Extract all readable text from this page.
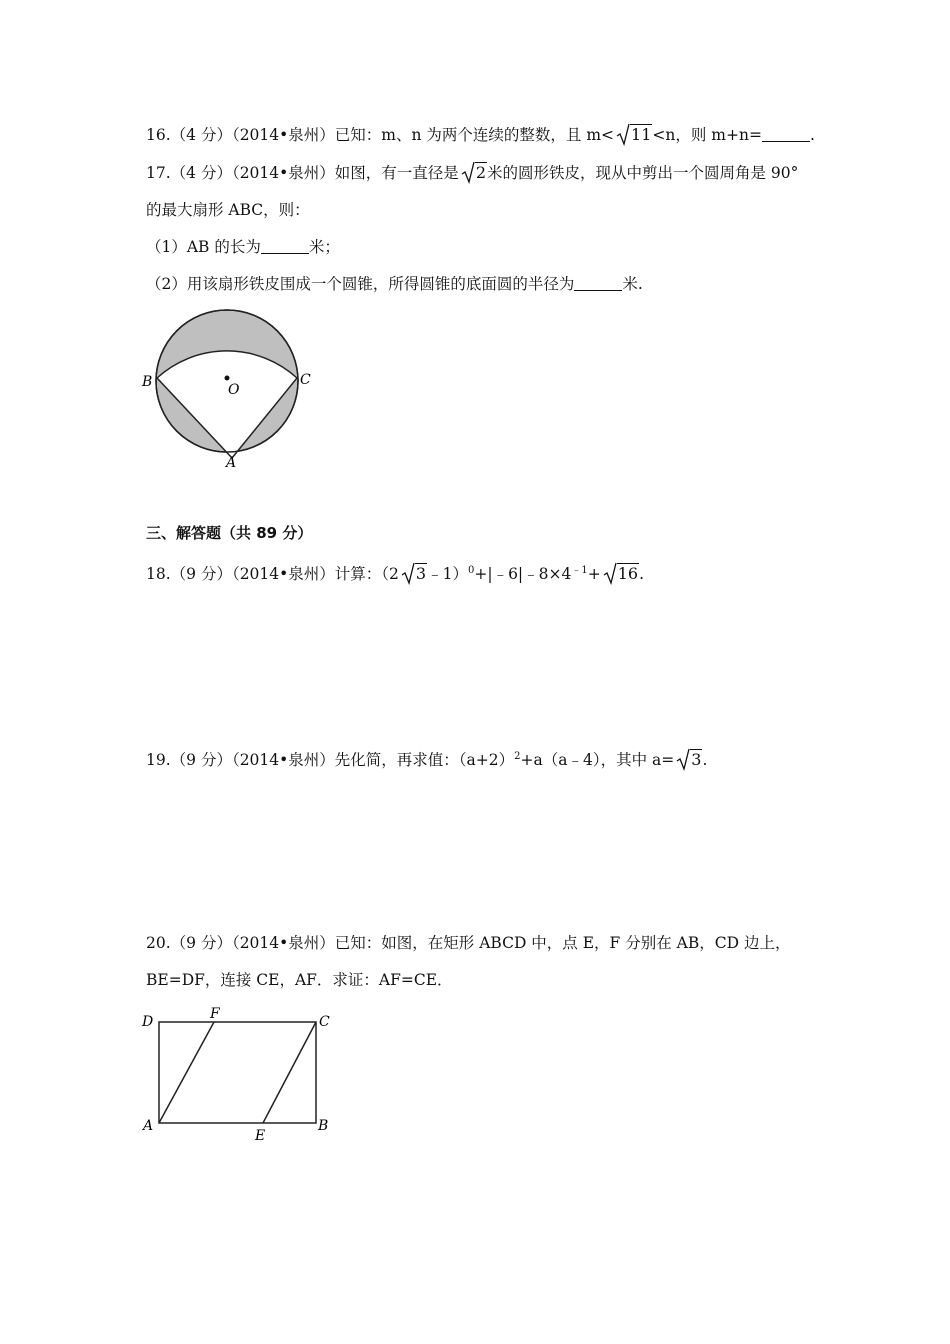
16.（4 分）（2014•泉州）已知：m、n 为两个连续的整数，且 m< 11<n，则 m+n=	.
17.（4 分）（2014•泉州）如图，有一直径是 2米的圆形铁皮，现从中剪出一个圆周角是 90°
的最大扇形 ABC，则：
（1）AB 的长为	米；
（2）用该扇形铁皮围成一个圆锥，所得圆锥的底面圆的半径为	米.
B	C
O
A
三、解答题（共 89 分）
18.（9 分）（2014•泉州）计算：（2 $3﹣1)^0+|﹣6|﹣8\times 4^{﹣1}+ 16$.
19.（9 分）（2014•泉州）先化简，再求值：$(a+2)^2+a(a﹣4)$，其中 a= 3.
20.（9 分）（2014•泉州）已知：如图，在矩形 ABCD 中，点 E，F 分别在 AB，CD 边上，
BE=DF，连接 CE，AF．求证：AF=CE．
D	F	C
A
E
B
